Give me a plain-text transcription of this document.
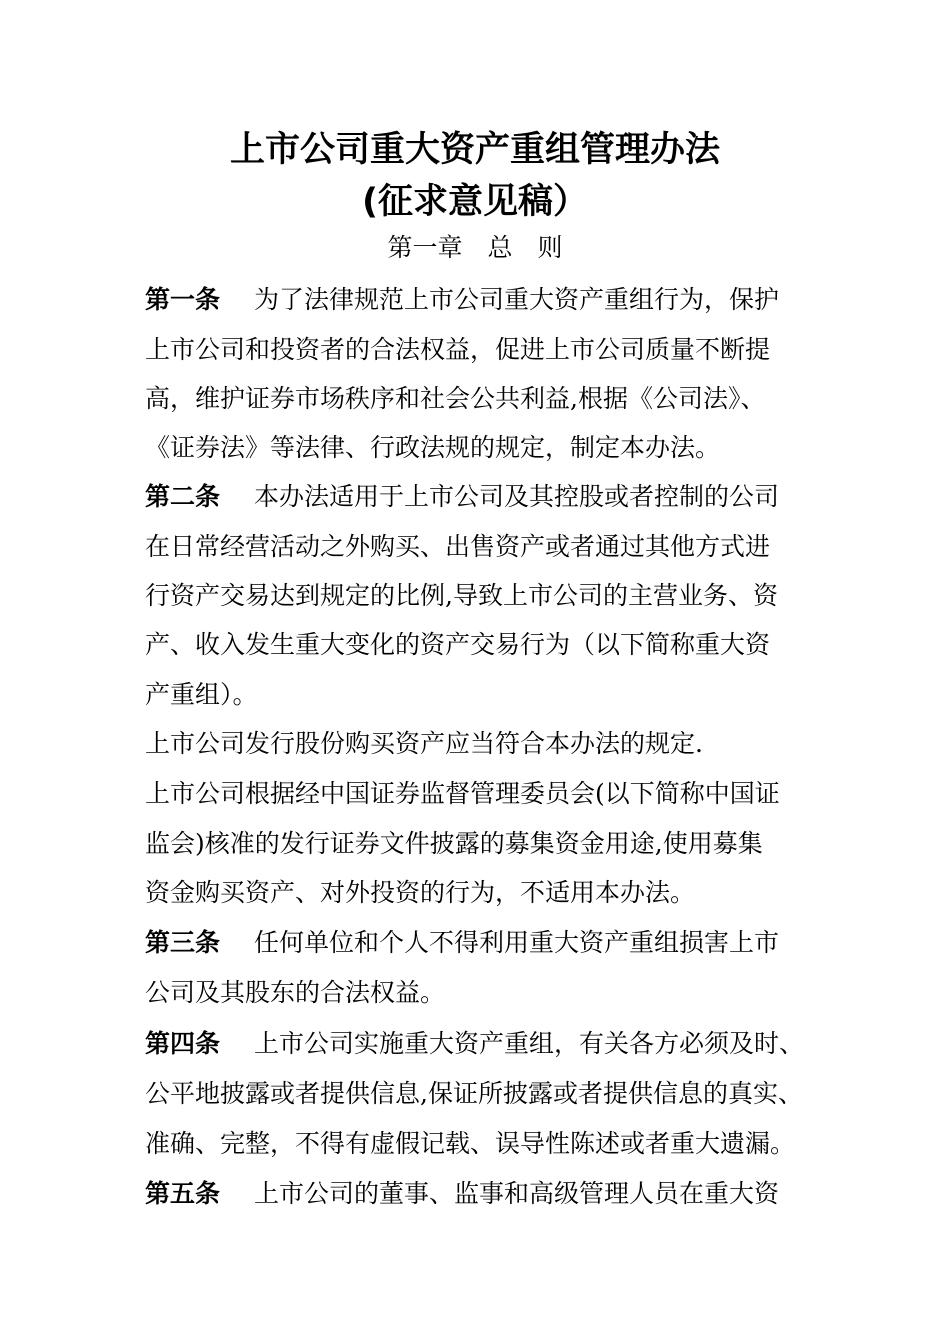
上市公司重大资产重组管理办法
(征求意见稿）
第一章　总　则
第一条 为了法律规范上市公司重大资产重组行为，保护
上市公司和投资者的合法权益，促进上市公司质量不断提
高，维护证券市场秩序和社会公共利益,根据《公司法》、
《证券法》等法律、行政法规的规定，制定本办法。
第二条 本办法适用于上市公司及其控股或者控制的公司
在日常经营活动之外购买、出售资产或者通过其他方式进
行资产交易达到规定的比例,导致上市公司的主营业务、资
产、收入发生重大变化的资产交易行为（以下简称重大资
产重组）。
上市公司发行股份购买资产应当符合本办法的规定.
上市公司根据经中国证券监督管理委员会(以下简称中国证
监会)核准的发行证券文件披露的募集资金用途,使用募集
资金购买资产、对外投资的行为，不适用本办法。
第三条 任何单位和个人不得利用重大资产重组损害上市
公司及其股东的合法权益。
第四条 上市公司实施重大资产重组，有关各方必须及时、
公平地披露或者提供信息,保证所披露或者提供信息的真实、
准确、完整，不得有虚假记载、误导性陈述或者重大遗漏。
第五条 上市公司的董事、监事和高级管理人员在重大资
